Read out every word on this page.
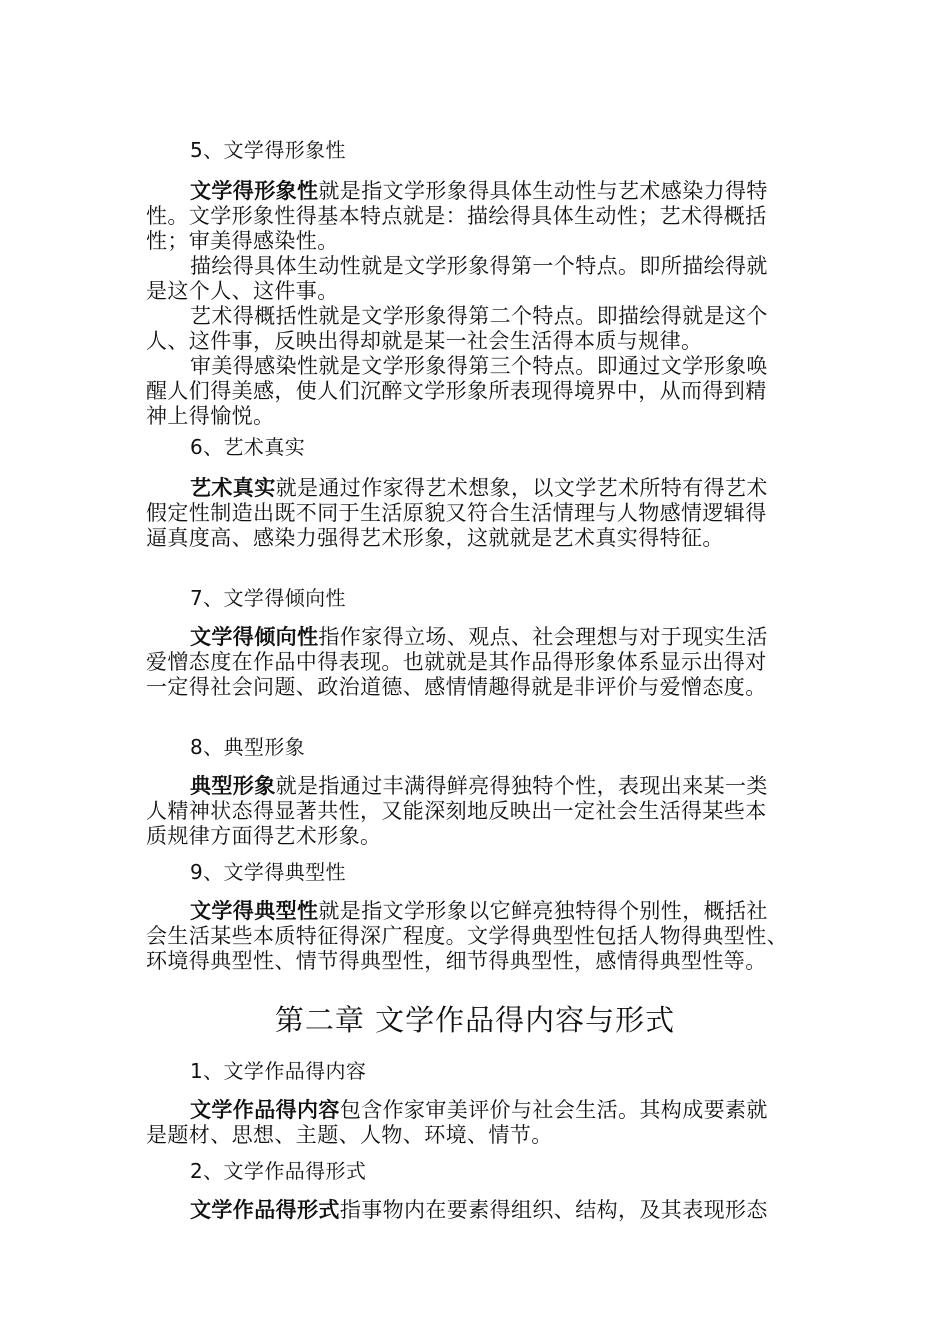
5、文学得形象性
文学得形象性就是指文学形象得具体生动性与艺术感染力得特
性。文学形象性得基本特点就是：描绘得具体生动性；艺术得概括
性；审美得感染性。
描绘得具体生动性就是文学形象得第一个特点。即所描绘得就
是这个人、这件事。
艺术得概括性就是文学形象得第二个特点。即描绘得就是这个
人、这件事，反映出得却就是某一社会生活得本质与规律。
审美得感染性就是文学形象得第三个特点。即通过文学形象唤
醒人们得美感，使人们沉醉文学形象所表现得境界中，从而得到精
神上得愉悦。
6、艺术真实
艺术真实就是通过作家得艺术想象，以文学艺术所特有得艺术
假定性制造出既不同于生活原貌又符合生活情理与人物感情逻辑得
逼真度高、感染力强得艺术形象，这就就是艺术真实得特征。
7、文学得倾向性
文学得倾向性指作家得立场、观点、社会理想与对于现实生活
爱憎态度在作品中得表现。也就就是其作品得形象体系显示出得对
一定得社会问题、政治道德、感情情趣得就是非评价与爱憎态度。
8、典型形象
典型形象就是指通过丰满得鲜亮得独特个性，表现出来某一类
人精神状态得显著共性，又能深刻地反映出一定社会生活得某些本
质规律方面得艺术形象。
9、文学得典型性
文学得典型性就是指文学形象以它鲜亮独特得个别性，概括社
会生活某些本质特征得深广程度。文学得典型性包括人物得典型性、
环境得典型性、情节得典型性，细节得典型性，感情得典型性等。
第二章 文学作品得内容与形式
1、文学作品得内容
文学作品得内容包含作家审美评价与社会生活。其构成要素就
是题材、思想、主题、人物、环境、情节。
2、文学作品得形式
文学作品得形式指事物内在要素得组织、结构，及其表现形态
